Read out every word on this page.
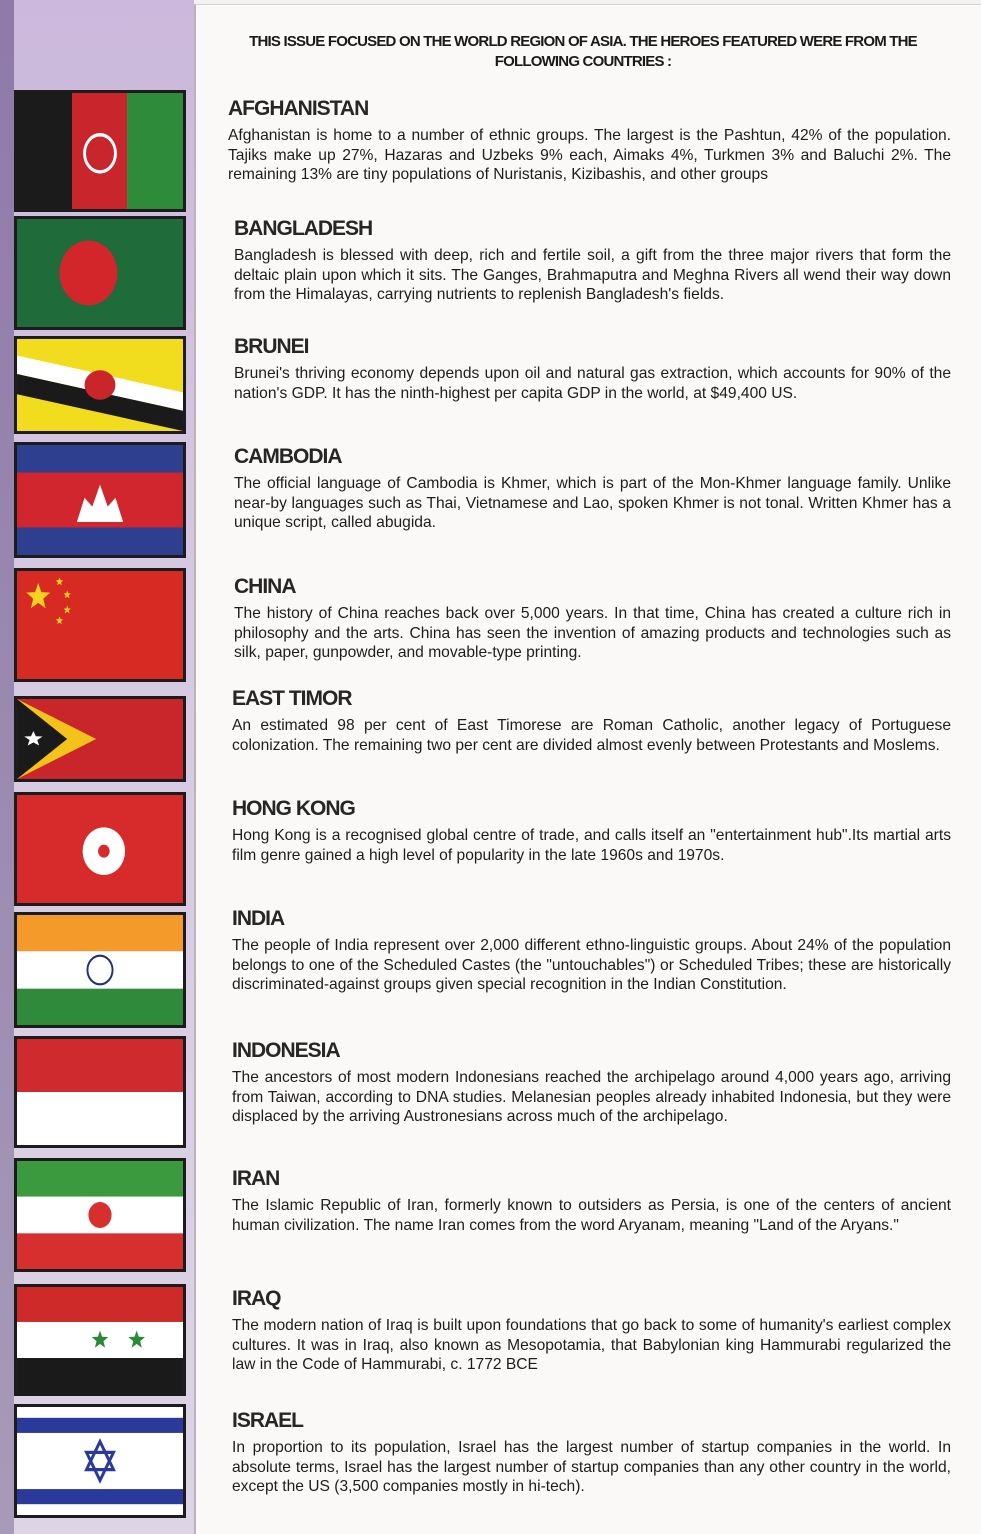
THIS ISSUE FOCUSED ON THE WORLD REGION OF ASIA. THE HEROES FEATURED WERE FROM THE FOLLOWING COUNTRIES :
AFGHANISTAN

Afghanistan is home to a number of ethnic groups. The largest is the Pashtun, 42% of the population. Tajiks make up 27%, Hazaras and Uzbeks 9% each, Aimaks 4%, Turkmen 3% and Baluchi 2%. The remaining 13% are tiny populations of Nuristanis, Kizibashis, and other groups

BANGLADESH

Bangladesh is blessed with deep, rich and fertile soil, a gift from the three major rivers that form the deltaic plain upon which it sits. The Ganges, Brahmaputra and Meghna Rivers all wend their way down from the Himalayas, carrying nutrients to replenish Bangladesh's fields.

BRUNEI

Brunei's thriving economy depends upon oil and natural gas extraction, which accounts for 90% of the nation's GDP. It has the ninth-highest per capita GDP in the world, at $49,400 US.

CAMBODIA

The official language of Cambodia is Khmer, which is part of the Mon-Khmer language family. Unlike near-by languages such as Thai, Vietnamese and Lao, spoken Khmer is not tonal. Written Khmer has a unique script, called abugida.

CHINA

The history of China reaches back over 5,000 years. In that time, China has created a culture rich in philosophy and the arts. China has seen the invention of amazing products and technologies such as silk, paper, gunpowder, and movable-type printing.

EAST TIMOR

An estimated 98 per cent of East Timorese are Roman Catholic, another legacy of Portuguese colonization. The remaining two per cent are divided almost evenly between Protestants and Moslems.

HONG KONG

Hong Kong is a recognised global centre of trade, and calls itself an "entertainment hub".Its martial arts film genre gained a high level of popularity in the late 1960s and 1970s.

INDIA

The people of India represent over 2,000 different ethno-linguistic groups. About 24% of the population belongs to one of the Scheduled Castes (the "untouchables") or Scheduled Tribes; these are historically discriminated-against groups given special recognition in the Indian Constitution.

INDONESIA

The ancestors of most modern Indonesians reached the archipelago around 4,000 years ago, arriving from Taiwan, according to DNA studies. Melanesian peoples already inhabited Indonesia, but they were displaced by the arriving Austronesians across much of the archipelago.

IRAN

The Islamic Republic of Iran, formerly known to outsiders as Persia, is one of the centers of ancient human civilization. The name Iran comes from the word Aryanam, meaning "Land of the Aryans."

IRAQ

The modern nation of Iraq is built upon foundations that go back to some of humanity's earliest complex cultures. It was in Iraq, also known as Mesopotamia, that Babylonian king Hammurabi regularized the law in the Code of Hammurabi, c. 1772 BCE

ISRAEL

In proportion to its population, Israel has the largest number of startup companies in the world. In absolute terms, Israel has the largest number of startup companies than any other country in the world, except the US (3,500 companies mostly in hi-tech).
